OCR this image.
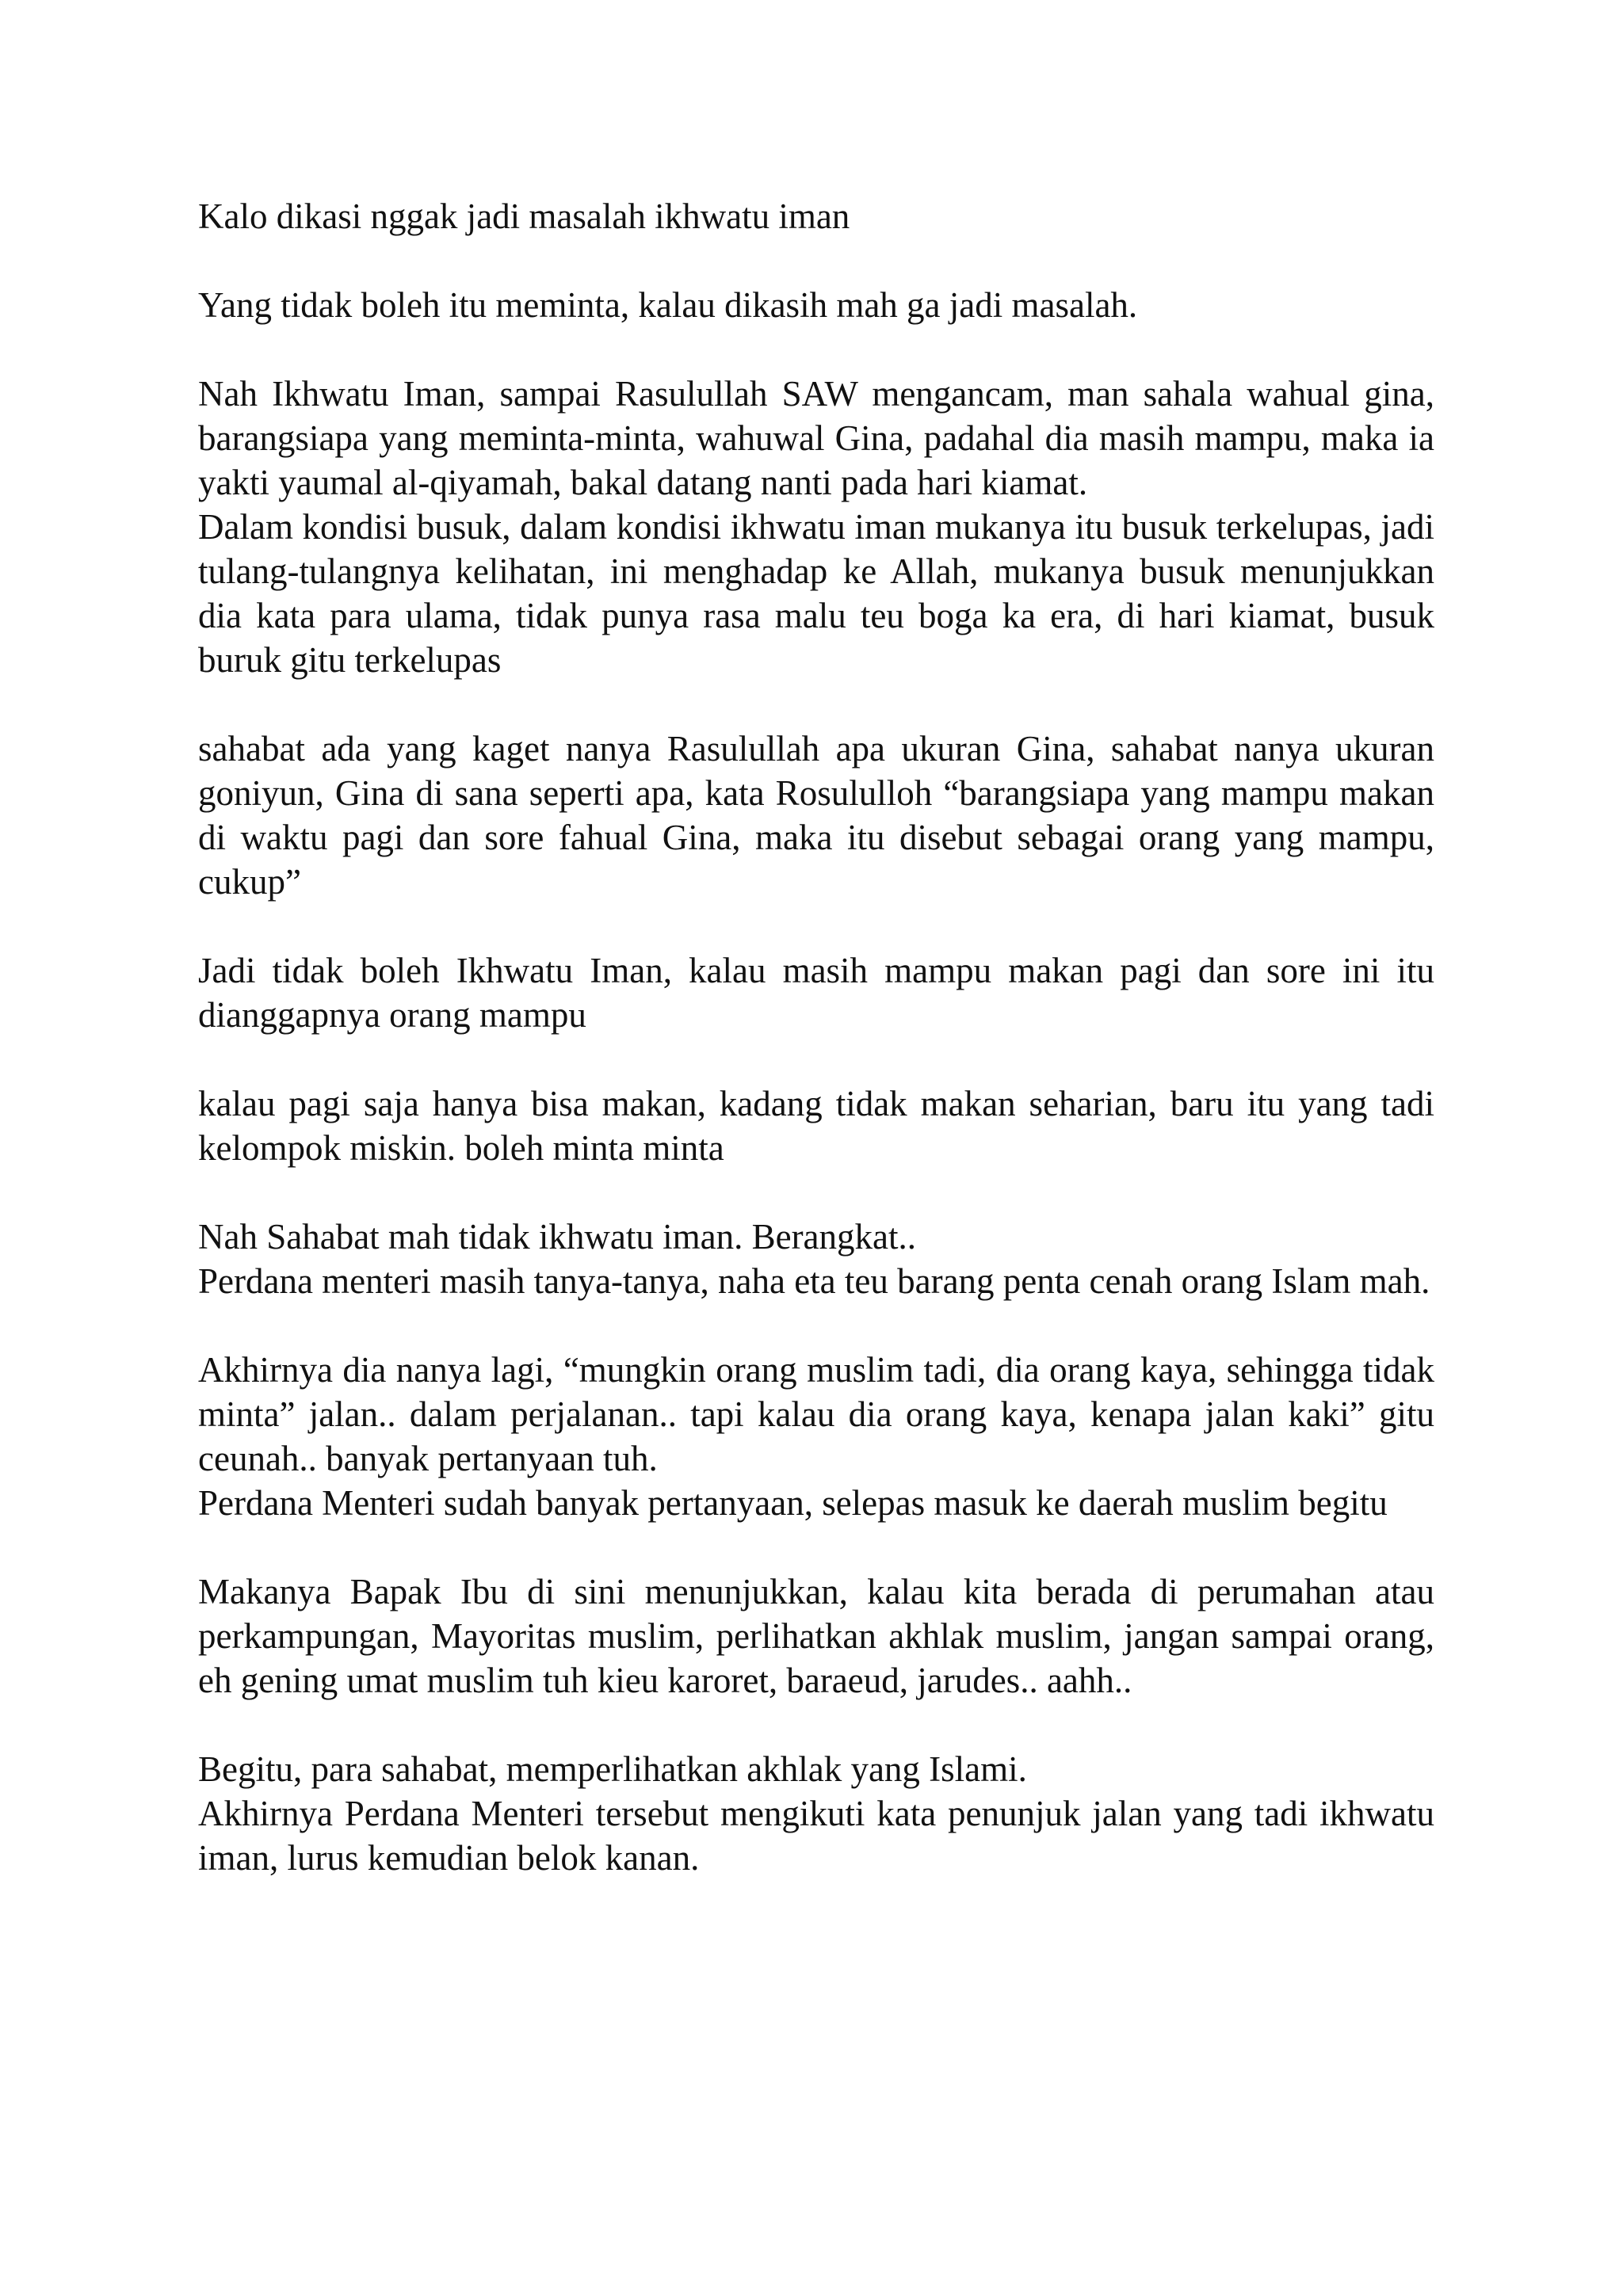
Kalo dikasi nggak jadi masalah ikhwatu iman

Yang tidak boleh itu meminta, kalau dikasih mah ga jadi masalah.

Nah Ikhwatu Iman, sampai Rasulullah SAW mengancam, man sahala wahual gina, barangsiapa yang meminta-minta, wahuwal Gina, padahal dia masih mampu, maka ia yakti yaumal al-qiyamah, bakal datang nanti pada hari kiamat.

Dalam kondisi busuk, dalam kondisi ikhwatu iman mukanya itu busuk terkelupas, jadi tulang-tulangnya kelihatan, ini menghadap ke Allah, mukanya busuk menunjukkan dia kata para ulama, tidak punya rasa malu teu boga ka era, di hari kiamat, busuk buruk gitu terkelupas

sahabat ada yang kaget nanya Rasulullah apa ukuran Gina, sahabat nanya ukuran goniyun, Gina di sana seperti apa, kata Rosululloh “barangsiapa yang mampu makan di waktu pagi dan sore fahual Gina, maka itu disebut sebagai orang yang mampu, cukup”

Jadi tidak boleh Ikhwatu Iman, kalau masih mampu makan pagi dan sore ini itu dianggapnya orang mampu

kalau pagi saja hanya bisa makan, kadang tidak makan seharian, baru itu yang tadi kelompok miskin. boleh minta minta

Nah Sahabat mah tidak ikhwatu iman. Berangkat..

Perdana menteri masih tanya-tanya, naha eta teu barang penta cenah orang Islam mah.

Akhirnya dia nanya lagi, “mungkin orang muslim tadi, dia orang kaya, sehingga tidak minta” jalan.. dalam perjalanan.. tapi kalau dia orang kaya, kenapa jalan kaki” gitu ceunah.. banyak pertanyaan tuh.

Perdana Menteri sudah banyak pertanyaan, selepas masuk ke daerah muslim begitu

Makanya Bapak Ibu di sini menunjukkan, kalau kita berada di perumahan atau perkampungan, Mayoritas muslim, perlihatkan akhlak muslim, jangan sampai orang, eh gening umat muslim tuh kieu karoret, baraeud, jarudes.. aahh..

Begitu, para sahabat, memperlihatkan akhlak yang Islami.

Akhirnya Perdana Menteri tersebut mengikuti kata penunjuk jalan yang tadi ikhwatu iman, lurus kemudian belok kanan.
